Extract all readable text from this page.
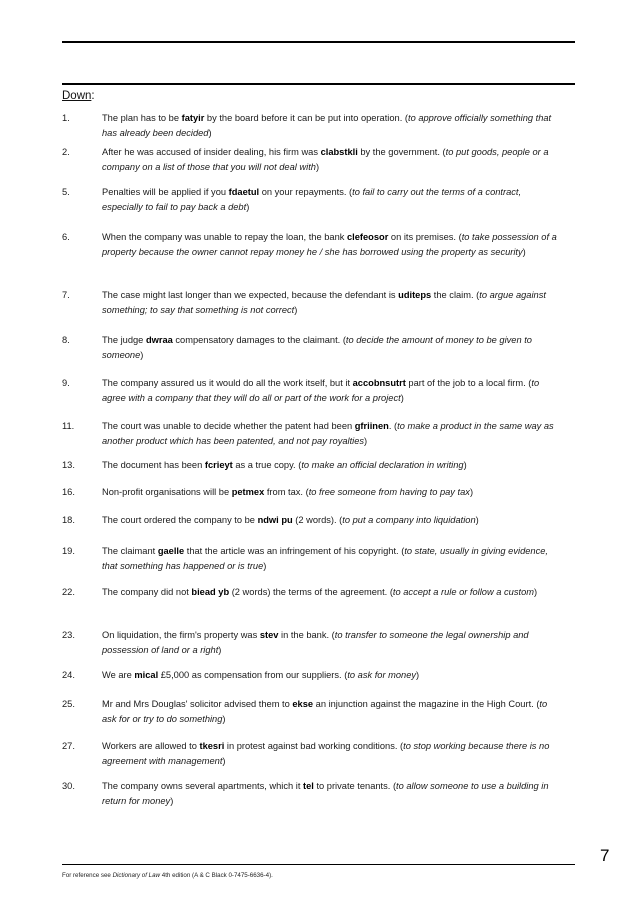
Down:
1.	The plan has to be fatyir by the board before it can be put into operation. (to approve officially something that has already been decided)
2.	After he was accused of insider dealing, his firm was clabstkli by the government. (to put goods, people or a company on a list of those that you will not deal with)
5.	Penalties will be applied if you fdaetul on your repayments. (to fail to carry out the terms of a contract, especially to fail to pay back a debt)
6.	When the company was unable to repay the loan, the bank clefeosor on its premises. (to take possession of a property because the owner cannot repay money he / she has borrowed using the property as security)
7.	The case might last longer than we expected, because the defendant is uditeps the claim. (to argue against something; to say that something is not correct)
8.	The judge dwraa compensatory damages to the claimant. (to decide the amount of money to be given to someone)
9.	The company assured us it would do all the work itself, but it accobnsutrt part of the job to a local firm. (to agree with a company that they will do all or part of the work for a project)
11.	The court was unable to decide whether the patent had been gfriinen. (to make a product in the same way as another product which has been patented, and not pay royalties)
13.	The document has been fcrieyt as a true copy. (to make an official declaration in writing)
16.	Non-profit organisations will be petmex from tax. (to free someone from having to pay tax)
18.	The court ordered the company to be ndwi pu (2 words). (to put a company into liquidation)
19.	The claimant gaelle that the article was an infringement of his copyright. (to state, usually in giving evidence, that something has happened or is true)
22.	The company did not biead yb (2 words) the terms of the agreement. (to accept a rule or follow a custom)
23.	On liquidation, the firm's property was stev in the bank. (to transfer to someone the legal ownership and possession of land or a right)
24.	We are mical £5,000 as compensation from our suppliers. (to ask for money)
25.	Mr and Mrs Douglas' solicitor advised them to ekse an injunction against the magazine in the High Court. (to ask for or try to do something)
27.	Workers are allowed to tkesri in protest against bad working conditions. (to stop working because there is no agreement with management)
30.	The company owns several apartments, which it tel to private tenants. (to allow someone to use a building in return for money)
7
For reference see Dictionary of Law 4th edition (A & C Black 0-7475-6636-4).
